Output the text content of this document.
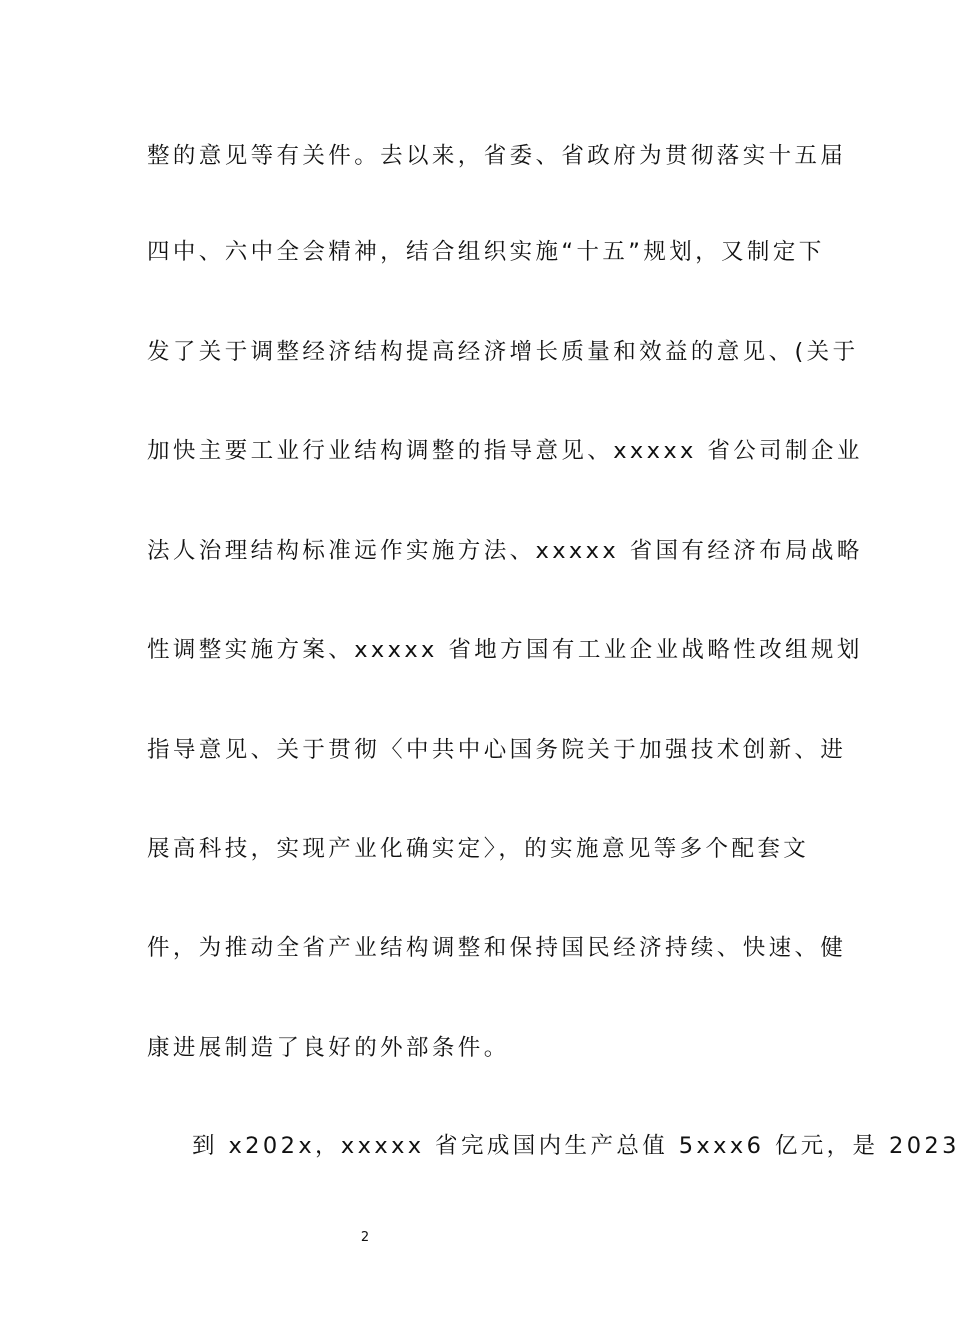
整的意见等有关件。去以来，省委、省政府为贯彻落实十五届
四中、六中全会精神，结合组织实施“十五”规划，又制定下
发了关于调整经济结构提高经济增长质量和效益的意见、(关于
加快主要工业行业结构调整的指导意见、xxxxx 省公司制企业
法人治理结构标准远作实施方法、xxxxx 省国有经济布局战略
性调整实施方案、xxxxx 省地方国有工业企业战略性改组规划
指导意见、关于贯彻〈中共中心国务院关于加强技术创新、进
展高科技，实现产业化确实定〉，的实施意见等多个配套文
件，为推动全省产业结构调整和保持国民经济持续、快速、健
康进展制造了良好的外部条件。
到 x202x，xxxxx 省完成国内生产总值 5xxx6 亿元，是 2023
2
